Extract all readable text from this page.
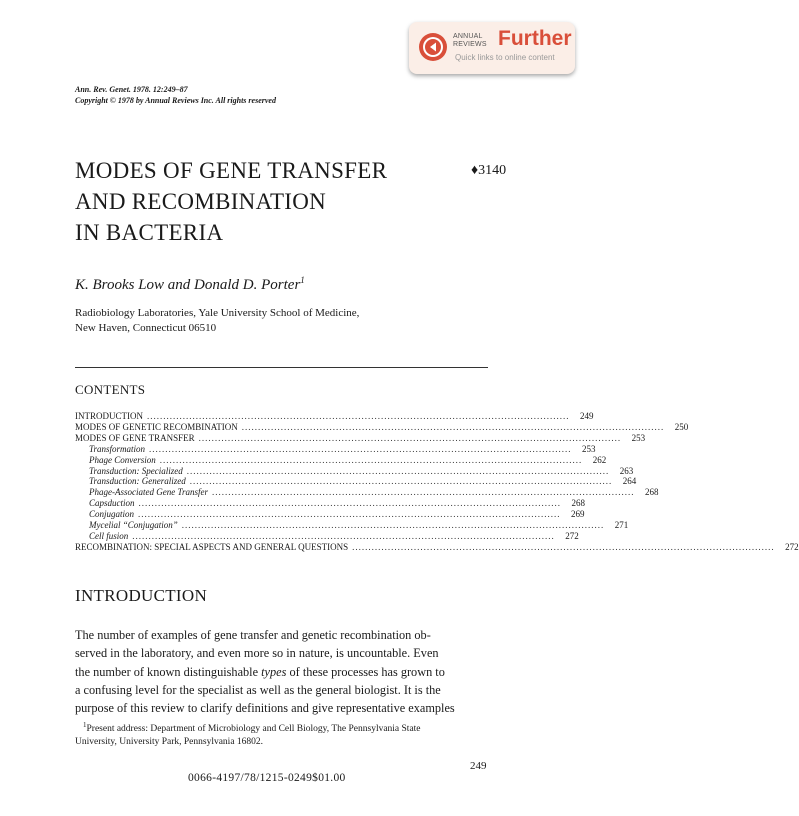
ANNUAL
REVIEWS Further
Quick links to online content
Ann. Rev. Genet. 1978. 12:249–87
Copyright © 1978 by Annual Reviews Inc. All rights reserved
MODES OF GENE TRANSFER
AND RECOMBINATION
IN BACTERIA
♦3140
K. Brooks Low and Donald D. Porter$^1$
Radiobiology Laboratories, Yale University School of Medicine,
New Haven, Connecticut 06510
CONTENTS
INTRODUCTION ..................................................................................................................................	249
MODES OF GENETIC RECOMBINATION ..................................................................................................................................	250
MODES OF GENE TRANSFER ..................................................................................................................................	253
Transformation ..................................................................................................................................	253
Phage Conversion ..................................................................................................................................	262
Transduction: Specialized ..................................................................................................................................	263
Transduction: Generalized ..................................................................................................................................	264
Phage-Associated Gene Transfer ..................................................................................................................................	268
Capsduction ..................................................................................................................................	268
Conjugation ..................................................................................................................................	269
Mycelial “Conjugation” ..................................................................................................................................	271
Cell fusion ..................................................................................................................................	272
RECOMBINATION: SPECIAL ASPECTS AND GENERAL QUESTIONS ..................................................................................................................................	272
INTRODUCTION
The number of examples of gene transfer and genetic recombination ob-
served in the laboratory, and even more so in nature, is uncountable. Even
the number of known distinguishable types of these processes has grown to
a confusing level for the specialist as well as the general biologist. It is the
purpose of this review to clarify definitions and give representative examples
$^1$Present address: Department of Microbiology and Cell Biology, The Pennsylvania State
University, University Park, Pennsylvania 16802.
249
0066-4197/78/1215-0249$01.00
